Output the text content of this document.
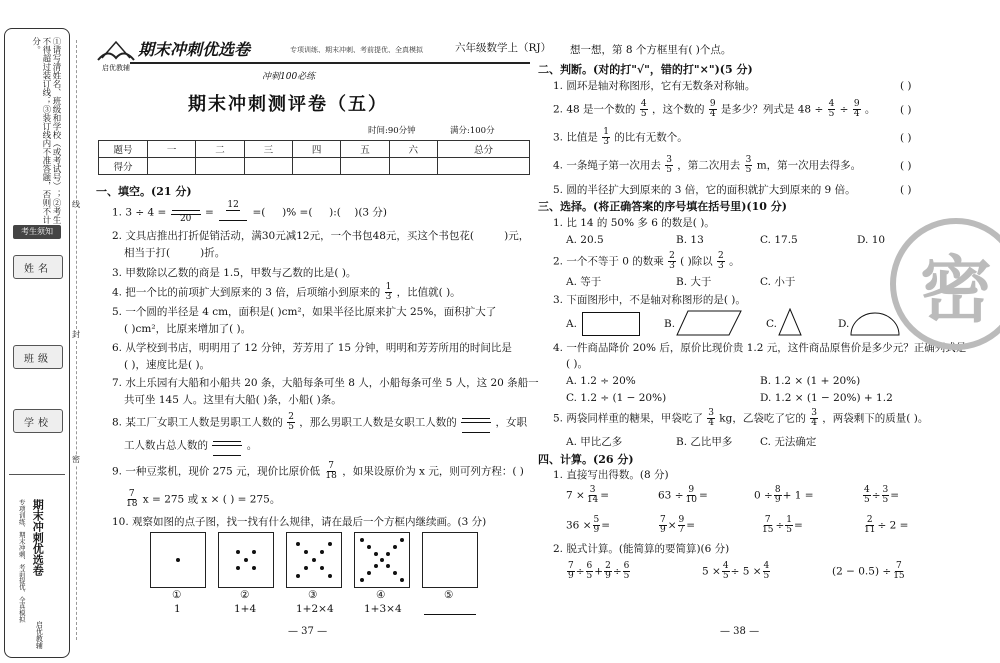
①请写清姓名、班级和学校（或考试号）；②考生不得超过装订线；③装订线内不准答题，否则不计分。
考生须知
姓名
班级
学校
期末冲刺优选卷
专项训练、期末冲刺、考前提优、全真模拟
启优教辅
线
封
密
期末冲刺优选卷	专项训练、期末冲刺、考前提优、全真模拟	六年级数学上（RJ）
启优教辅
冲刺100必练
期末冲刺测评卷（五）
时间:90分钟	满分:100分
题号	一	二	三	四	五	六	总分
得分							
一、填空。(21 分)
1. 3 ÷ 4 =
20
=
12
=( )% =( ):( )(3 分)
2. 文具店推出打折促销活动，满30元减12元，一个书包48元，买这个书包花(	)元，
相当于打(	)折。
3. 甲数除以乙数的商是 1.5，甲数与乙数的比是( )。
4. 把一个比的前项扩大到原来的 3 倍，后项缩小到原来的 $\frac{1}{3}$ ，比值就( )。
5. 一个圆的半径是 4 cm，面积是( )cm²，如果半径比原来扩大 25%，面积扩大了
( )cm²，比原来增加了( )。
6. 从学校到书店，明明用了 12 分钟，芳芳用了 15 分钟，明明和芳芳所用的时间比是
( )，速度比是( )。
7. 水上乐园有大船和小船共 20 条，大船每条可坐 8 人，小船每条可坐 5 人，这 20 条船一
共可坐 145 人。这里有大船( )条，小船( )条。
8. 某工厂女职工人数是男职工人数的 $\frac{2}{5}$ ，那么男职工人数是女职工人数的	，女职
工人数占总人数的	。
9. 一种豆浆机，现价 275 元，现价比原价低 $\frac{7}{18}$ ，如果设原价为 x 元，则可列方程：( )
$\frac{7}{18}$ x = 275 或 x × ( ) = 275。
10. 观察如图的点子图，找一找有什么规律，请在最后一个方框内继续画。(3 分)
①	②	③	④	⑤
1	1+4	1+2×4	1+3×4
— 37 —
想一想，第 8 个方框里有( )个点。
二、判断。(对的打"√"，错的打"×")(5 分)
1. 圆环是轴对称图形，它有无数条对称轴。	( )
2. 48 是一个数的 $\frac{4}{5}$ ，这个数的 $\frac{9}{4}$ 是多少？列式是 $48 \div \frac{4}{5} \div \frac{9}{4}$ 。 ( )
3. 比值是 $\frac{1}{3}$ 的比有无数个。	( )
4. 一条绳子第一次用去 $\frac{3}{5}$ ，第二次用去 $\frac{3}{5}$ m，第一次用去得多。	( )
5. 圆的半径扩大到原来的 3 倍，它的面积就扩大到原来的 9 倍。	( )
三、选择。(将正确答案的序号填在括号里)(10 分)
1. 比 14 的 50% 多 6 的数是( )。
A. 20.5	B. 13	C. 17.5	D. 10
2. 一个不等于 0 的数乘 $\frac{2}{3}$ ( )除以 $\frac{2}{3}$ 。
A. 等于	B. 大于	C. 小于
3. 下面图形中，不是轴对称图形的是( )。
A.	B.	C.	D.
4. 一件商品降价 20% 后，原价比现价贵 1.2 元，这件商品原售价是多少元？正确列式是
( )。
A. 1.2 ÷ 20%	B. 1.2 × (1 + 20%)
C. 1.2 ÷ (1 − 20%)	D. 1.2 × (1 − 20%) + 1.2
5. 两袋同样重的糖果，甲袋吃了 $\frac{3}{4}$ kg，乙袋吃了它的 $\frac{3}{4}$ ，两袋剩下的质量( )。
A. 甲比乙多	B. 乙比甲多	C. 无法确定
四、计算。(26 分)
1. 直接写出得数。(8 分)
$7 \times \frac{3}{14}$ =	$63 \div \frac{9}{10}$ =	$0 \div \frac{8}{9} + 1$ =	$\frac{4}{5} \div \frac{3}{5}$ =
$36 \times \frac{5}{9}$ =	$\frac{7}{9} \times \frac{9}{7}$ =	$\frac{7}{15} \div \frac{1}{5}$ =	$\frac{2}{11} \div 2$ =
2. 脱式计算。(能简算的要简算)(6 分)
$\frac{7}{9} \div \frac{6}{5} + \frac{2}{9} \div \frac{6}{5}$	$5 \times \frac{4}{5} \div 5 \times \frac{4}{5}$	$(2 - 0.5) \div \frac{7}{15}$
密
— 38 —
